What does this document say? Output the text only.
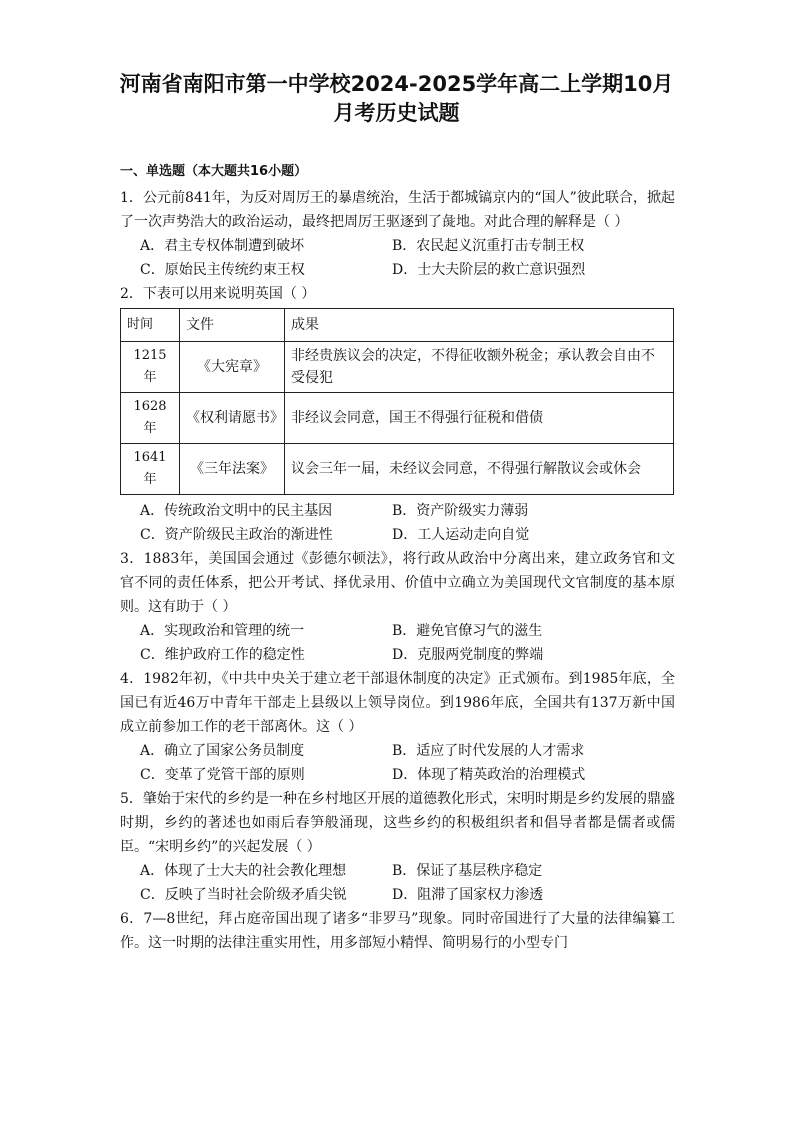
河南省南阳市第一中学校2024-2025学年高二上学期10月
月考历史试题
一、单选题（本大题共16小题）

1．公元前841年，为反对周厉王的暴虐统治，生活于都城镐京内的“国人”彼此联合，掀起了一次声势浩大的政治运动，最终把周厉王驱逐到了彘地。对此合理的解释是（ ）

A．君主专权体制遭到破坏	B．农民起义沉重打击专制王权
C．原始民主传统约束王权	D．士大夫阶层的救亡意识强烈

2．下表可以用来说明英国（ ）

时间	文件	成果
1215年	《大宪章》	非经贵族议会的决定，不得征收额外税金；承认教会自由不受侵犯
1628年	《权利请愿书》	非经议会同意，国王不得强行征税和借债
1641年	《三年法案》	议会三年一届，未经议会同意，不得强行解散议会或休会
A．传统政治文明中的民主基因	B．资产阶级实力薄弱
C．资产阶级民主政治的渐进性	D．工人运动走向自觉

3．1883年，美国国会通过《彭德尔顿法》，将行政从政治中分离出来，建立政务官和文官不同的责任体系，把公开考试、择优录用、价值中立确立为美国现代文官制度的基本原则。这有助于（ ）

A．实现政治和管理的统一	B．避免官僚习气的滋生
C．维护政府工作的稳定性	D．克服两党制度的弊端

4．1982年初，《中共中央关于建立老干部退休制度的决定》正式颁布。到1985年底，全国已有近46万中青年干部走上县级以上领导岗位。到1986年底，全国共有137万新中国成立前参加工作的老干部离休。这（ ）

A．确立了国家公务员制度	B．适应了时代发展的人才需求
C．变革了党管干部的原则	D．体现了精英政治的治理模式

5．肇始于宋代的乡约是一种在乡村地区开展的道德教化形式，宋明时期是乡约发展的鼎盛时期，乡约的著述也如雨后春笋般涌现，这些乡约的积极组织者和倡导者都是儒者或儒臣。“宋明乡约”的兴起发展（ ）

A．体现了士大夫的社会教化理想	B．保证了基层秩序稳定
C．反映了当时社会阶级矛盾尖锐	D．阻滞了国家权力渗透

6．7—8世纪，拜占庭帝国出现了诸多“非罗马”现象。同时帝国进行了大量的法律编纂工作。这一时期的法律注重实用性，用多部短小精悍、简明易行的小型专门
